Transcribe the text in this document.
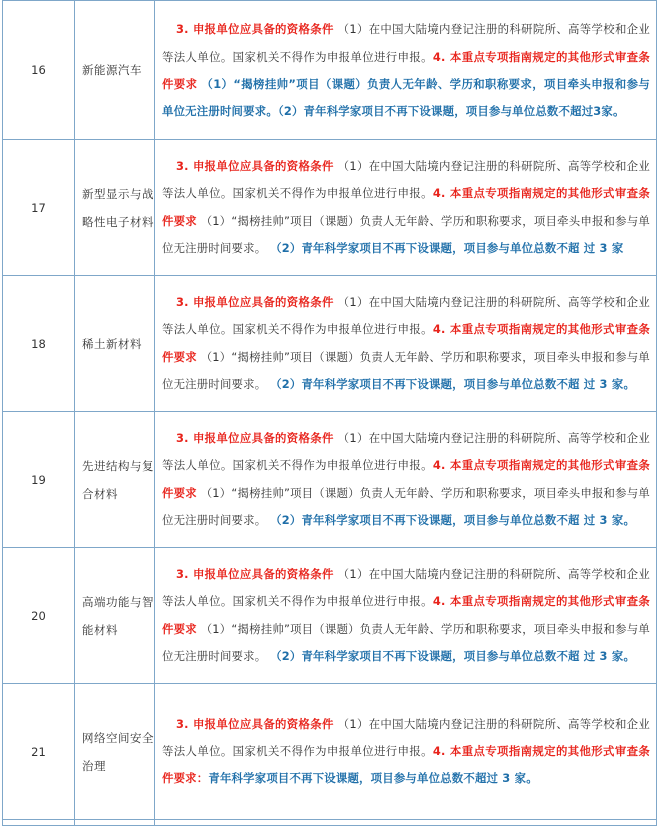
16	新能源汽车	3. 申报单位应具备的资格条件 （1）在中国大陆境内登记注册的科研院所、高等学校和企业等法人单位。国家机关不得作为申报单位进行申报。4. 本重点专项指南规定的其他形式审查条件要求 （1）“揭榜挂帅”项目（课题）负责人无年龄、学历和职称要求，项目牵头申报和参与单位无注册时间要求。（2）青年科学家项目不再下设课题，项目参与单位总数不超过3家。
17	新型显示与战略性电子材料	3. 申报单位应具备的资格条件 （1）在中国大陆境内登记注册的科研院所、高等学校和企业 等法人单位。国家机关不得作为申报单位进行申报。4. 本重点专项指南规定的其他形式审查条件要求 （1）“揭榜挂帅”项目（课题）负责人无年龄、学历和职称要求，项目牵头申报和参与单位无注册时间要求。 （2）青年科学家项目不再下设课题，项目参与单位总数不超 过 3 家
18	稀土新材料	3. 申报单位应具备的资格条件 （1）在中国大陆境内登记注册的科研院所、高等学校和企业 等法人单位。国家机关不得作为申报单位进行申报。4. 本重点专项指南规定的其他形式审查条件要求 （1）“揭榜挂帅”项目（课题）负责人无年龄、学历和职称要求，项目牵头申报和参与单位无注册时间要求。 （2）青年科学家项目不再下设课题，项目参与单位总数不超 过 3 家。
19	先进结构与复合材料	3. 申报单位应具备的资格条件 （1）在中国大陆境内登记注册的科研院所、高等学校和企业 等法人单位。国家机关不得作为申报单位进行申报。4. 本重点专项指南规定的其他形式审查条件要求 （1）“揭榜挂帅”项目（课题）负责人无年龄、学历和职称要求，项目牵头申报和参与单位无注册时间要求。 （2）青年科学家项目不再下设课题，项目参与单位总数不超 过 3 家。
20	高端功能与智能材料	3. 申报单位应具备的资格条件 （1）在中国大陆境内登记注册的科研院所、高等学校和企业 等法人单位。国家机关不得作为申报单位进行申报。4. 本重点专项指南规定的其他形式审查条件要求 （1）“揭榜挂帅”项目（课题）负责人无年龄、学历和职称要求，项目牵头申报和参与单位无注册时间要求。 （2）青年科学家项目不再下设课题，项目参与单位总数不超 过 3 家。
21	网络空间安全治理	3. 申报单位应具备的资格条件 （1）在中国大陆境内登记注册的科研院所、高等学校和企业 等法人单位。国家机关不得作为申报单位进行申报。4. 本重点专项指南规定的其他形式审查条件要求：青年科学家项目不再下设课题，项目参与单位总数不超过 3 家。
